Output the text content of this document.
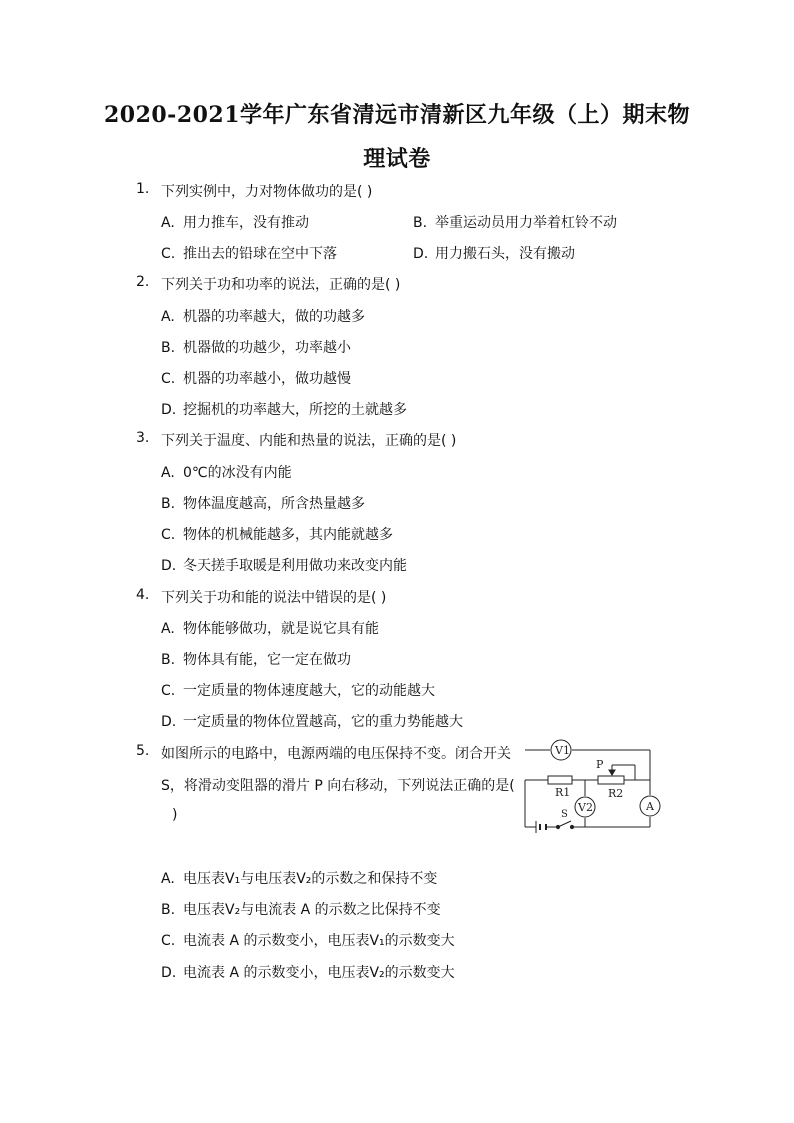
2020-2021学年广东省清远市清新区九年级（上）期末物
理试卷
1. 下列实例中，力对物体做功的是( )
A. 用力推车，没有推动	B. 举重运动员用力举着杠铃不动
C. 推出去的铅球在空中下落	D. 用力搬石头，没有搬动
2. 下列关于功和功率的说法，正确的是( )
A. 机器的功率越大，做的功越多
B. 机器做的功越少，功率越小
C. 机器的功率越小，做功越慢
D. 挖掘机的功率越大，所挖的土就越多
3. 下列关于温度、内能和热量的说法，正确的是( )
A. 0℃的冰没有内能
B. 物体温度越高，所含热量越多
C. 物体的机械能越多，其内能就越多
D. 冬天搓手取暖是利用做功来改变内能
4. 下列关于功和能的说法中错误的是( )
A. 物体能够做功，就是说它具有能
B. 物体具有能，它一定在做功
C. 一定质量的物体速度越大，它的动能越大
D. 一定质量的物体位置越高，它的重力势能越大
5. 如图所示的电路中，电源两端的电压保持不变。闭合开关
S，将滑动变阻器的滑片 P 向右移动，下列说法正确的是(
)
A. 电压表V₁与电压表V₂的示数之和保持不变
B. 电压表V₂与电流表 A 的示数之比保持不变
C. 电流表 A 的示数变小，电压表V₁的示数变大
D. 电流表 A 的示数变小，电压表V₂的示数变大
V1
R1	R2
P
V2	A
S
